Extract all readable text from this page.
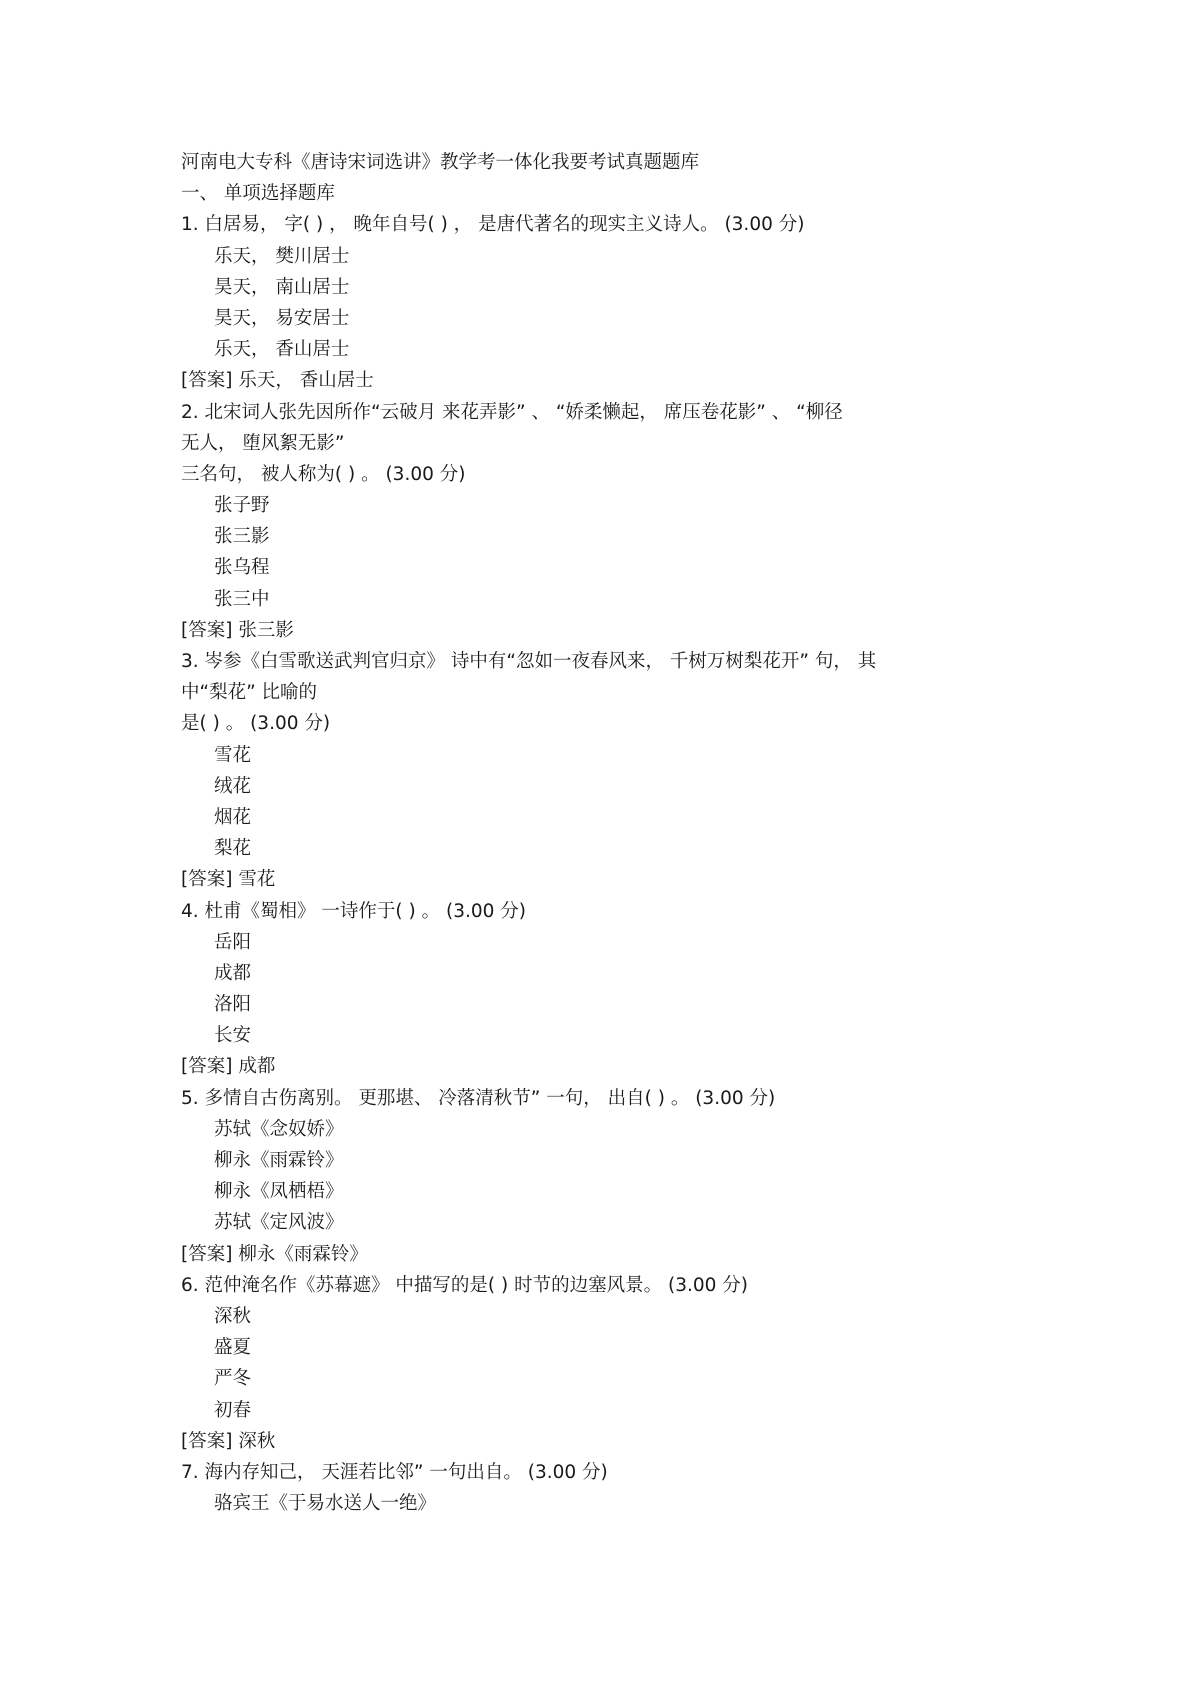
河南电大专科《唐诗宋词选讲》教学考一体化我要考试真题题库
一、 单项选择题库
1. 白居易， 字( ) ， 晚年自号( ) ， 是唐代著名的现实主义诗人。 (3.00 分)
乐天， 樊川居士
昊天， 南山居士
昊天， 易安居士
乐天， 香山居士
[答案] 乐天， 香山居士
2. 北宋词人张先因所作“云破月 来花弄影” 、 “娇柔懒起， 席压卷花影” 、 “柳径
无人， 堕风絮无影”
三名句， 被人称为( ) 。 (3.00 分)
张子野
张三影
张乌程
张三中
[答案] 张三影
3. 岑参《白雪歌送武判官归京》 诗中有“忽如一夜春风来， 千树万树梨花开” 句， 其
中“梨花” 比喻的
是( ) 。 (3.00 分)
雪花
绒花
烟花
梨花
[答案] 雪花
4. 杜甫《蜀相》 一诗作于( ) 。 (3.00 分)
岳阳
成都
洛阳
长安
[答案] 成都
5. 多情自古伤离别。 更那堪、 冷落清秋节” 一句， 出自( ) 。 (3.00 分)
苏轼《念奴娇》
柳永《雨霖铃》
柳永《凤栖梧》
苏轼《定风波》
[答案] 柳永《雨霖铃》
6. 范仲淹名作《苏幕遮》 中描写的是( ) 时节的边塞风景。 (3.00 分)
深秋
盛夏
严冬
初春
[答案] 深秋
7. 海内存知己， 天涯若比邻” 一句出自。 (3.00 分)
骆宾王《于易水送人一绝》
